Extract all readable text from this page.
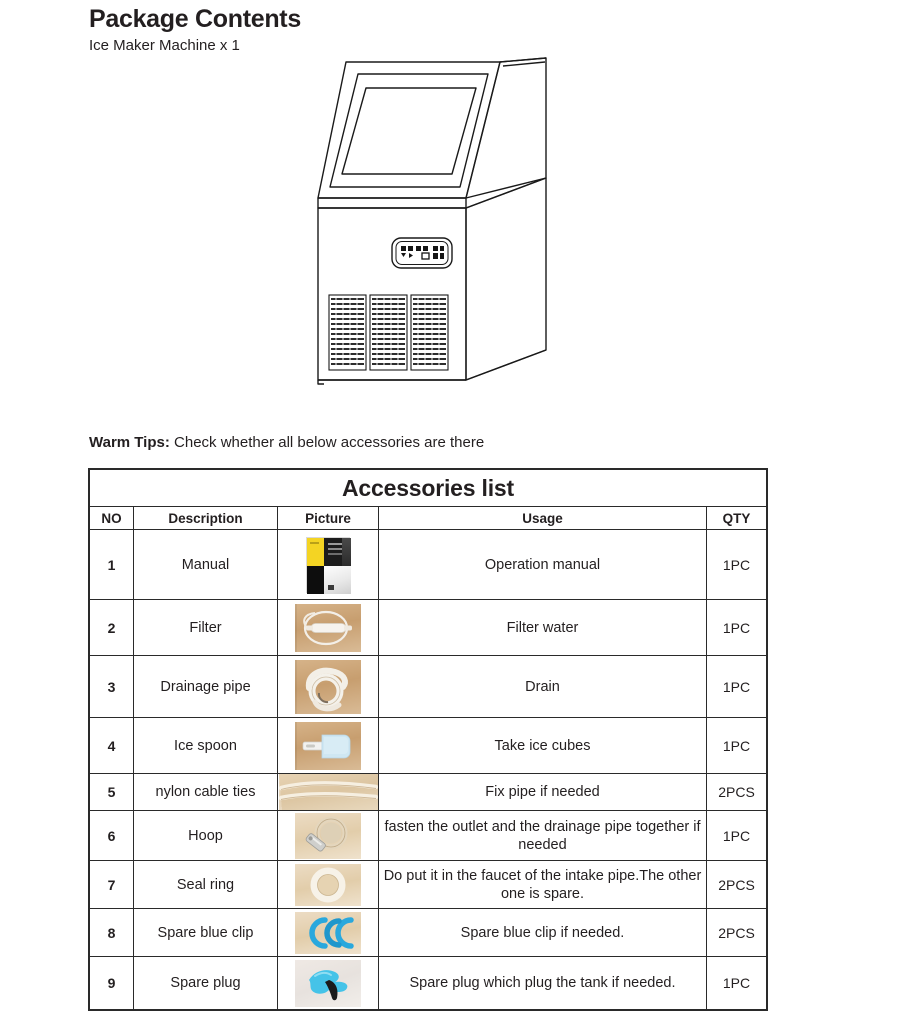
Package Contents

Ice Maker Machine x 1

Warm Tips: Check whether all below accessories are there
Accessories list				
NO	Description	Picture	Usage	QTY
1	Manual		Operation manual	1PC
2	Filter		Filter water	1PC
3	Drainage pipe		Drain	1PC
4	Ice spoon		Take ice cubes	1PC
5	nylon cable ties		Fix pipe if needed	2PCS
6	Hoop		fasten the outlet and the drainage pipe together if needed	1PC
7	Seal ring		Do put it in the faucet of the intake pipe.The other one is spare.	2PCS
8	Spare blue clip		Spare blue clip if needed.	2PCS
9	Spare plug		Spare plug which plug the tank if needed.	1PC
